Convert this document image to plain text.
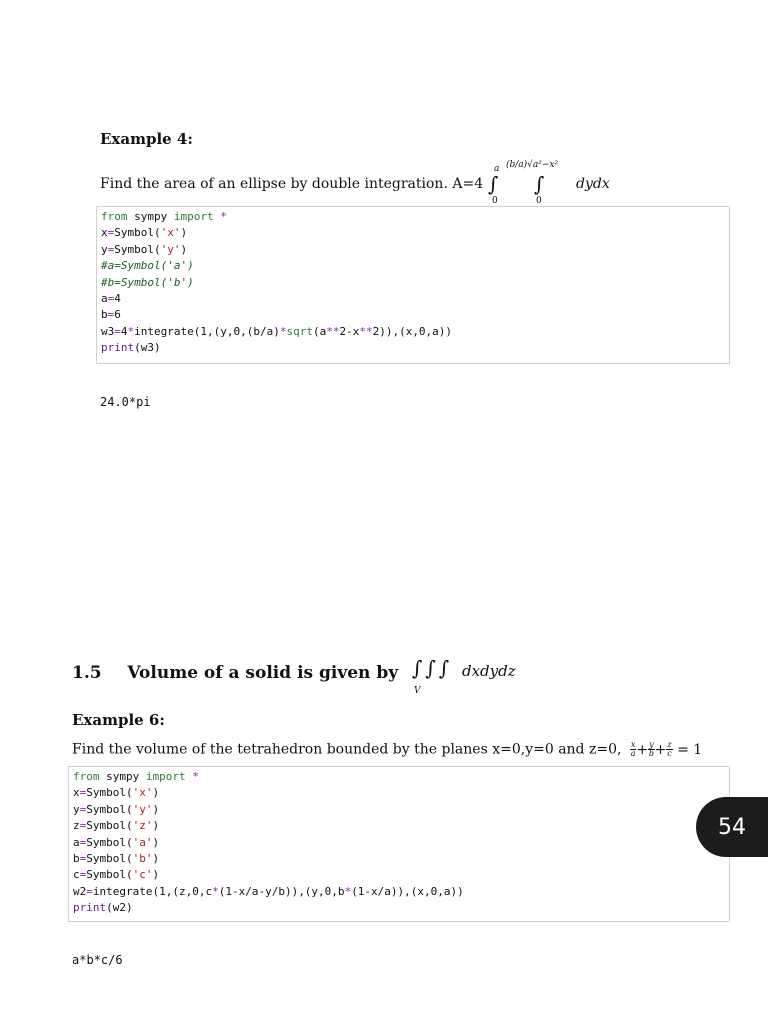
Example 4:
Find the area of an ellipse by double integration. A=4
a
∫
0
(b/a)√a²−x²
∫
0
dydx
from sympy import *
x=Symbol('x')
y=Symbol('y')
#a=Symbol('a')
#b=Symbol('b')
a=4
b=6
w3=4*integrate(1,(y,0,(b/a)*sqrt(a**2-x**2)),(x,0,a))
print(w3)
24.0*pi
1.5 Volume of a solid is given by ∫∫∫
V
dxdydz
Example 6:
Find the volume of the tetrahedron bounded by the planes x=0,y=0 and z=0, $\frac{x}{a} + \frac{y}{b} + \frac{z}{c} = 1$
from sympy import *
x=Symbol('x')
y=Symbol('y')
z=Symbol('z')
a=Symbol('a')
b=Symbol('b')
c=Symbol('c')
w2=integrate(1,(z,0,c*(1-x/a-y/b)),(y,0,b*(1-x/a)),(x,0,a))
print(w2)
a*b*c/6
54
